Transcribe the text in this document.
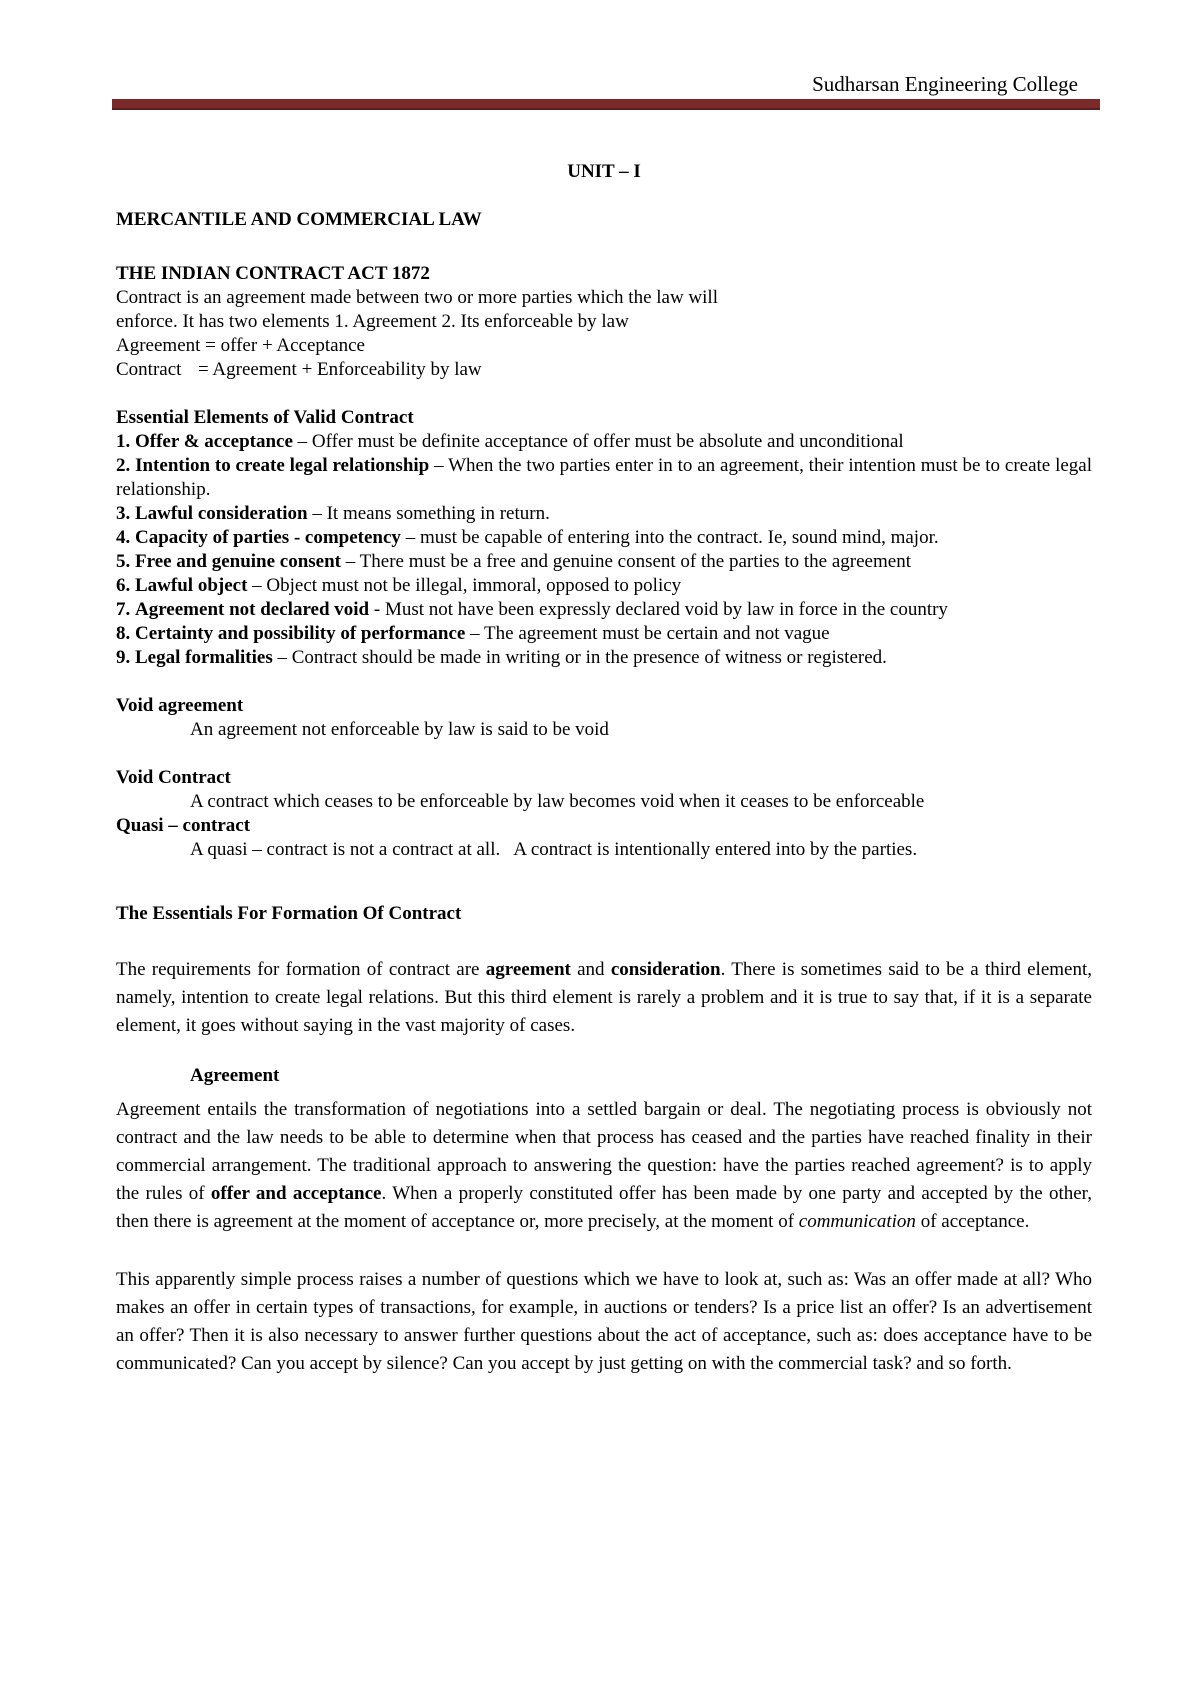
Sudharsan Engineering College

UNIT – I

MERCANTILE AND COMMERCIAL LAW

THE INDIAN CONTRACT ACT 1872

Contract is an agreement made between two or more parties which the law will

enforce. It has two elements 1. Agreement 2. Its enforceable by law

Agreement = offer + Acceptance

Contract = Agreement + Enforceability by law

Essential Elements of Valid Contract

1. Offer & acceptance – Offer must be definite acceptance of offer must be absolute and unconditional

2. Intention to create legal relationship – When the two parties enter in to an agreement, their intention must be to create legal relationship.

3. Lawful consideration – It means something in return.

4. Capacity of parties - competency – must be capable of entering into the contract. Ie, sound mind, major.

5. Free and genuine consent – There must be a free and genuine consent of the parties to the agreement

6. Lawful object – Object must not be illegal, immoral, opposed to policy

7. Agreement not declared void - Must not have been expressly declared void by law in force in the country

8. Certainty and possibility of performance – The agreement must be certain and not vague

9. Legal formalities – Contract should be made in writing or in the presence of witness or registered.

Void agreement

An agreement not enforceable by law is said to be void

Void Contract

A contract which ceases to be enforceable by law becomes void when it ceases to be enforceable

Quasi – contract

A quasi – contract is not a contract at all.   A contract is intentionally entered into by the parties.

The Essentials For Formation Of Contract

The requirements for formation of contract are agreement and consideration. There is sometimes said to be a third element, namely, intention to create legal relations. But this third element is rarely a problem and it is true to say that, if it is a separate element, it goes without saying in the vast majority of cases.

Agreement

Agreement entails the transformation of negotiations into a settled bargain or deal. The negotiating process is obviously not contract and the law needs to be able to determine when that process has ceased and the parties have reached finality in their commercial arrangement. The traditional approach to answering the question: have the parties reached agreement? is to apply the rules of offer and acceptance. When a properly constituted offer has been made by one party and accepted by the other, then there is agreement at the moment of acceptance or, more precisely, at the moment of communication of acceptance.

This apparently simple process raises a number of questions which we have to look at, such as: Was an offer made at all? Who makes an offer in certain types of transactions, for example, in auctions or tenders? Is a price list an offer? Is an advertisement an offer? Then it is also necessary to answer further questions about the act of acceptance, such as: does acceptance have to be communicated? Can you accept by silence? Can you accept by just getting on with the commercial task? and so forth.
